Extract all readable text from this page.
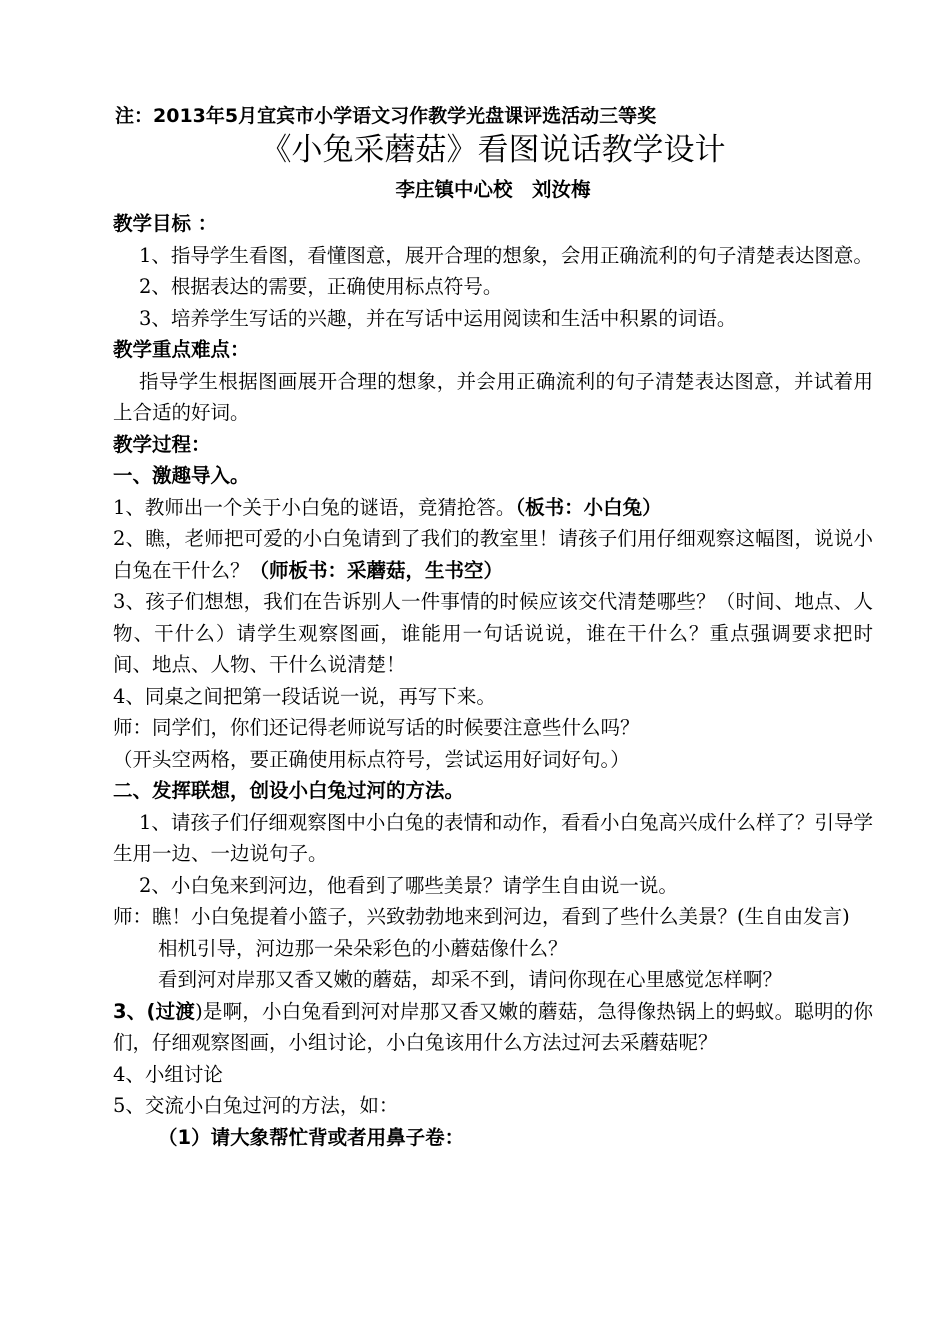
注：2013年5月宜宾市小学语文习作教学光盘课评选活动三等奖
《小兔采蘑菇》看图说话教学设计
李庄镇中心校　刘汝梅
教学目标 ：
1、指导学生看图，看懂图意，展开合理的想象，会用正确流利的句子清楚表达图意。
2、根据表达的需要，正确使用标点符号。
3、培养学生写话的兴趣，并在写话中运用阅读和生活中积累的词语。
教学重点难点：
指导学生根据图画展开合理的想象，并会用正确流利的句子清楚表达图意，并试着用上合适的好词。
教学过程：
一、激趣导入。
1、教师出一个关于小白兔的谜语，竞猜抢答。（板书：小白兔）
2、瞧，老师把可爱的小白兔请到了我们的教室里！请孩子们用仔细观察这幅图，说说小白兔在干什么？（师板书：采蘑菇，生书空）
3、孩子们想想，我们在告诉别人一件事情的时候应该交代清楚哪些？（时间、地点、人物、干什么）请学生观察图画，谁能用一句话说说，谁在干什么？重点强调要求把时间、地点、人物、干什么说清楚！
4、同桌之间把第一段话说一说，再写下来。
师：同学们，你们还记得老师说写话的时候要注意些什么吗？
（开头空两格，要正确使用标点符号，尝试运用好词好句。）
二、发挥联想，创设小白兔过河的方法。
1、请孩子们仔细观察图中小白兔的表情和动作，看看小白兔高兴成什么样了？引导学生用一边、一边说句子。
2、小白兔来到河边，他看到了哪些美景？请学生自由说一说。
师：瞧！小白兔提着小篮子，兴致勃勃地来到河边，看到了些什么美景？(生自由发言)
相机引导，河边那一朵朵彩色的小蘑菇像什么？
看到河对岸那又香又嫩的蘑菇，却采不到，请问你现在心里感觉怎样啊？
3、(过渡)是啊，小白兔看到河对岸那又香又嫩的蘑菇，急得像热锅上的蚂蚁。聪明的你们，仔细观察图画，小组讨论，小白兔该用什么方法过河去采蘑菇呢？
4、小组讨论
5、交流小白兔过河的方法，如：
（1）请大象帮忙背或者用鼻子卷：
